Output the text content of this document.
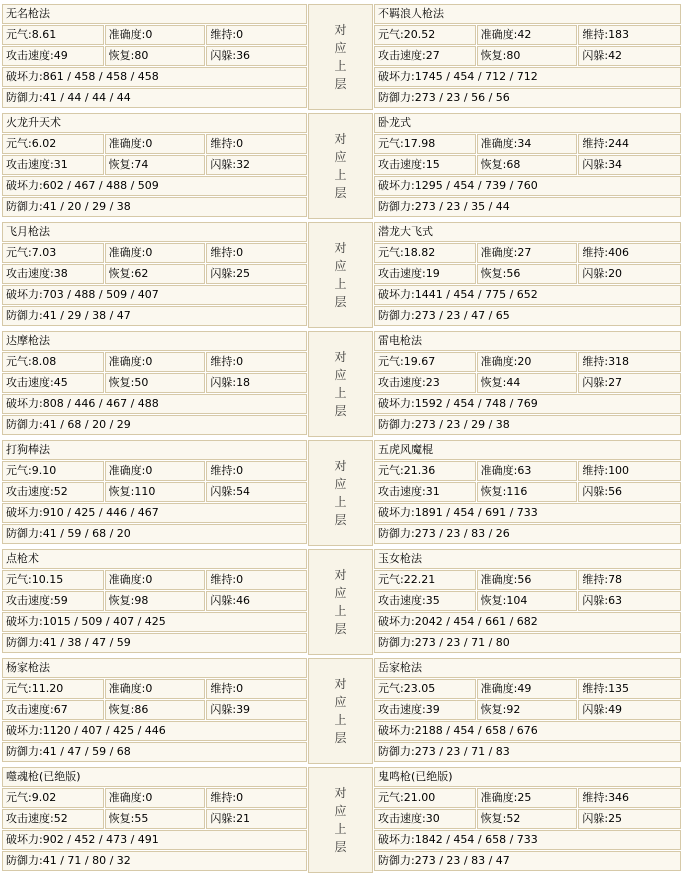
无名枪法
元气:8.61	准确度:0	维持:0
攻击速度:49	恢复:80	闪躲:36
破坏力:861 / 458 / 458 / 458
防御力:41 / 44 / 44 / 44
对
应
上
层
不羁浪人枪法
元气:20.52	准确度:42	维持:183
攻击速度:27	恢复:80	闪躲:42
破坏力:1745 / 454 / 712 / 712
防御力:273 / 23 / 56 / 56
火龙升天术
元气:6.02	准确度:0	维持:0
攻击速度:31	恢复:74	闪躲:32
破坏力:602 / 467 / 488 / 509
防御力:41 / 20 / 29 / 38
对
应
上
层
卧龙式
元气:17.98	准确度:34	维持:244
攻击速度:15	恢复:68	闪躲:34
破坏力:1295 / 454 / 739 / 760
防御力:273 / 23 / 35 / 44
飞月枪法
元气:7.03	准确度:0	维持:0
攻击速度:38	恢复:62	闪躲:25
破坏力:703 / 488 / 509 / 407
防御力:41 / 29 / 38 / 47
对
应
上
层
潜龙大飞式
元气:18.82	准确度:27	维持:406
攻击速度:19	恢复:56	闪躲:20
破坏力:1441 / 454 / 775 / 652
防御力:273 / 23 / 47 / 65
达摩枪法
元气:8.08	准确度:0	维持:0
攻击速度:45	恢复:50	闪躲:18
破坏力:808 / 446 / 467 / 488
防御力:41 / 68 / 20 / 29
对
应
上
层
雷电枪法
元气:19.67	准确度:20	维持:318
攻击速度:23	恢复:44	闪躲:27
破坏力:1592 / 454 / 748 / 769
防御力:273 / 23 / 29 / 38
打狗棒法
元气:9.10	准确度:0	维持:0
攻击速度:52	恢复:110	闪躲:54
破坏力:910 / 425 / 446 / 467
防御力:41 / 59 / 68 / 20
对
应
上
层
五虎风魔棍
元气:21.36	准确度:63	维持:100
攻击速度:31	恢复:116	闪躲:56
破坏力:1891 / 454 / 691 / 733
防御力:273 / 23 / 83 / 26
点枪术
元气:10.15	准确度:0	维持:0
攻击速度:59	恢复:98	闪躲:46
破坏力:1015 / 509 / 407 / 425
防御力:41 / 38 / 47 / 59
对
应
上
层
玉女枪法
元气:22.21	准确度:56	维持:78
攻击速度:35	恢复:104	闪躲:63
破坏力:2042 / 454 / 661 / 682
防御力:273 / 23 / 71 / 80
杨家枪法
元气:11.20	准确度:0	维持:0
攻击速度:67	恢复:86	闪躲:39
破坏力:1120 / 407 / 425 / 446
防御力:41 / 47 / 59 / 68
对
应
上
层
岳家枪法
元气:23.05	准确度:49	维持:135
攻击速度:39	恢复:92	闪躲:49
破坏力:2188 / 454 / 658 / 676
防御力:273 / 23 / 71 / 83
噬魂枪(已绝版)
元气:9.02	准确度:0	维持:0
攻击速度:52	恢复:55	闪躲:21
破坏力:902 / 452 / 473 / 491
防御力:41 / 71 / 80 / 32
对
应
上
层
鬼鸣枪(已绝版)
元气:21.00	准确度:25	维持:346
攻击速度:30	恢复:52	闪躲:25
破坏力:1842 / 454 / 658 / 733
防御力:273 / 23 / 83 / 47
